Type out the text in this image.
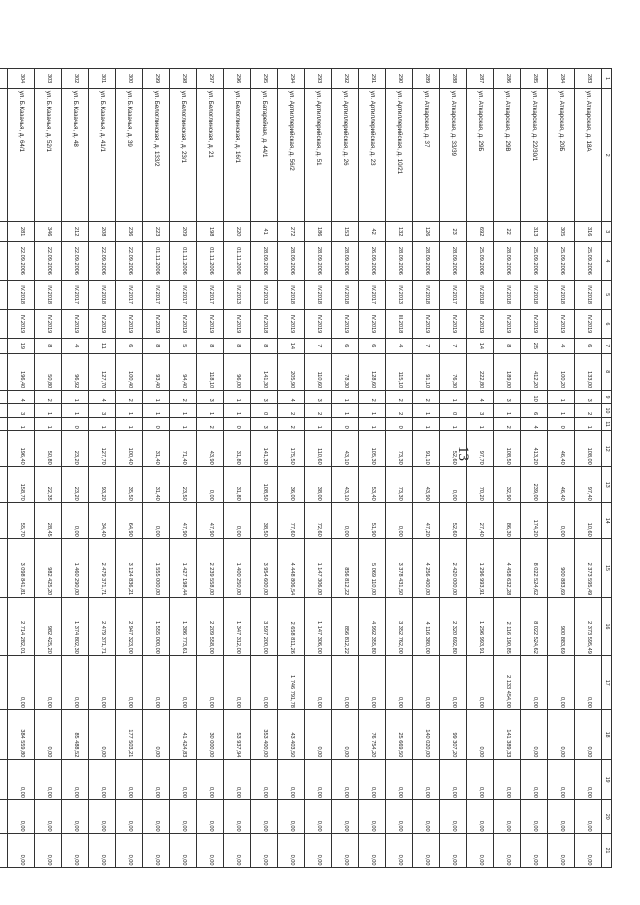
13
1	2	3	4	5	6	7	8	9	10	11	12	13	14	15	16	17	18	19	20	21
283	ул. Аткарская, д. 18А	316	25.09.2006	IV.2018	IV.2019	6	133,00	3	2	1	108,00	97,40	10,60	2 373 595,49	2 373 595,49	0,00	0,00	0,00	0,00	0,00
284	ул. Аткарская, д. 20Б	305	25.09.2006	IV.2018	IV.2019	4	100,20	1	1	0	46,40	46,40	0,00	900 883,69	900 883,69	0,00	0,00	0,00	0,00	0,00
285	ул. Аткарская, д. 22/30/1	313	25.09.2006	IV.2018	IV.2019	25	412,20	10	6	4	413,20	239,00	174,20	8 022 524,62	8 022 524,62	0,00	0,00	0,00	0,00	0,00
286	ул. Аткарская, д. 29В	22	28.09.2006	IV.2018	IV.2019	8	189,00	3	1	2	108,50	32,90	86,30	4 458 632,28	2 116 190,85	2 133 454,00	141 389,33	0,00	0,00	0,00
287	ул. Аткарская, д. 29Б	692	25.09.2006	IV.2018	IV.2019	14	222,80	4	3	1	97,70	70,20	27,40	1 296 993,91	1 296 993,91	0,00	0,00	0,00	0,00	0,00
288	ул. Аткарская, д. 33/39	23	28.09.2006	IV.2017	IV.2019	7	76,30	1	0	1	52,60	0,00	52,60	2 420 000,00	2 320 692,80	0,00	99 307,20	0,00	0,00	0,00
289	ул. Аткарская, д. 37	126	28.09.2006	IV.2018	IV.2019	7	91,10	2	1	1	91,10	43,90	47,20	4 256 400,00	4 116 380,00	0,00	140 020,00	0,00	0,00	0,00
290	ул. Артиллерийская, д. 10/21	132	28.09.2006	IV.2013	III.2018	4	115,10	2	2	0	73,30	73,30	0,00	3 378 431,50	3 352 762,00	0,00	25 669,50	0,00	0,00	0,00
291	ул. Артиллерийская, д. 23	42	26.09.2006	IV.2017	IV.2019	6	128,60	2	1	1	105,30	53,40	51,90	5 069 110,00	4 992 355,80	0,00	76 754,20	0,00	0,00	0,00
292	ул. Артиллерийская, д. 26	153	28.09.2006	IV.2018	IV.2019	6	78,30	1	1	0	43,10	43,10	0,00	856 812,22	856 812,22	0,00	0,00	0,00	0,00	0,00
293	ул. Артиллерийская, д. 51	186	28.09.2006	IV.2018	IV.2019	7	110,60	3	2	1	110,60	38,00	72,60	1 147 306,00	1 147 306,00	0,00	0,00	0,00	0,00	0,00
294	ул. Артиллерийская, д. 56/2	272	28.09.2006	IV.2018	IV.2019	14	205,90	4	2	2	175,50	36,00	77,60	4 448 806,54	2 658 811,26	1 746 791,78	43 403,50	0,00	0,00	0,00
295	ул. Батарейная, д. 44/1	41	28.09.2006	IV.2013	IV.2018	8	141,30	3	0	3	141,30	108,50	38,50	3 954 600,00	3 597 200,00	0,00	353 400,00	0,00	0,00	0,00
296	ул. Белоглинская, д. 16/1	220	01.11.2006	IV.2013	IV.2019	8	96,00	1	1	0	31,80	31,80	0,00	1 400 250,00	1 347 312,00	0,00	53 937,94	0,00	0,00	0,00
297	ул. Белоглинская, д. 21	198	01.11.2006	IV.2017	IV.2019	8	118,10	3	1	2	43,90	0,00	47,90	2 239 558,00	2 209 558,00	0,00	30 000,00	0,00	0,00	0,00
298	ул. Белоглинская, д. 23/1	209	01.11.2006	IV.2017	IV.2019	5	94,40	2	1	1	71,40	23,50	47,90	1 427 198,44	1 386 773,61	0,00	41 424,83	0,00	0,00	0,00
299	ул. Белоглинская, д. 133/2	223	01.11.2006	IV.2017	IV.2019	8	93,40	1	1	0	31,40	31,40	0,00	1 555 000,00	1 555 000,00	0,00	0,00	0,00	0,00	0,00
300	ул. Б.Казачья, д. 39	236	22.09.2006	IV.2017	IV.2019	6	100,40	2	1	1	100,40	35,50	64,90	3 124 836,21	2 947 323,00	0,00	177 503,21	0,00	0,00	0,00
301	ул. Б.Казачья, д. 41/1	208	22.09.2006	IV.2018	IV.2019	11	127,70	4	3	1	127,70	93,20	34,40	2 479 371,71	2 479 371,71	0,00	0,00	0,00	0,00	0,00
302	ул. Б.Казачья, д. 48	212	22.09.2006	IV.2017	IV.2019	4	96,92	1	1	0	23,20	23,20	0,00	1 460 290,00	1 374 802,30	0,00	85 488,52	0,00	0,00	0,00
303	ул. Б.Казачья, д. 52/1	346	22.09.2006	IV.2018	IV.2019	8	50,80	2	1	1	50,80	22,35	28,45	982 425,20	982 425,20	0,00	0,00	0,00	0,00	0,00
304	ул. Б.Казачья, д. 64/1	281	22.09.2006	IV.2018	IV.2019	19	196,40	4	3	1	196,40	158,70	55,70	3 098 841,81	2 714 282,01	0,00	384 559,80	0,00	0,00	0,00
